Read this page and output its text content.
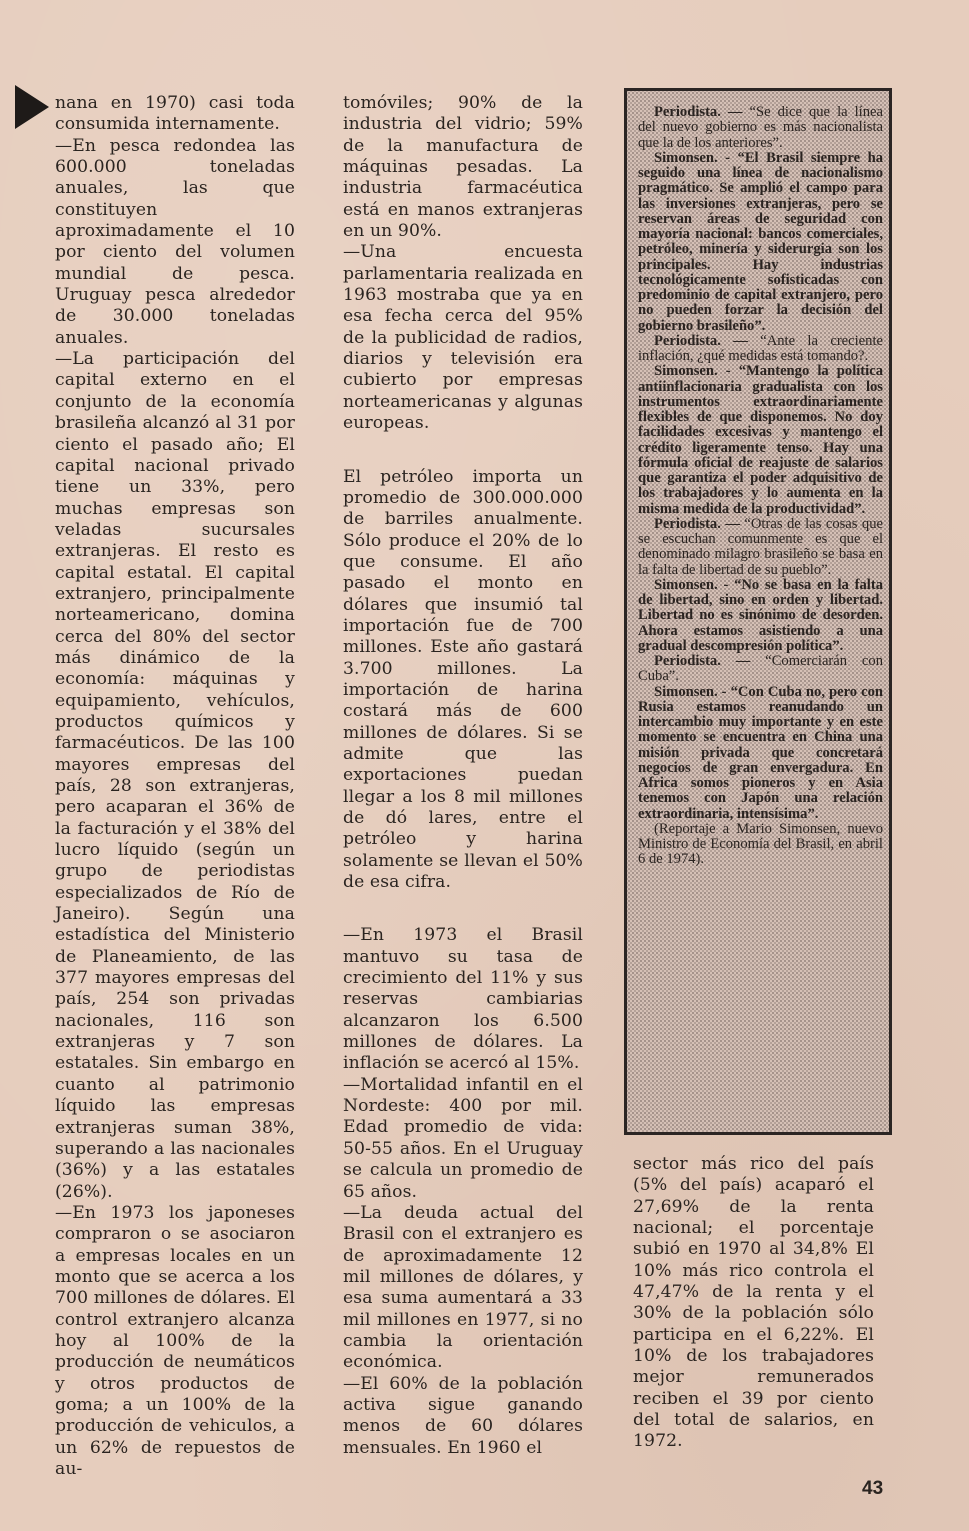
nana en 1970) casi toda consumida internamente.

—En pesca redondea las 600.000 toneladas anuales, las que constituyen aproximadamente el 10 por ciento del volumen mundial de pesca. Uruguay pesca alrededor de 30.000 toneladas anuales.

—La participación del capital externo en el conjunto de la economía brasileña alcanzó al 31 por ciento el pasado año; El capital nacional privado tiene un 33%, pero muchas empresas son veladas sucursales extranjeras. El resto es capital estatal. El capital extranjero, principalmente norteamericano, domina cerca del 80% del sector más dinámico de la economía: máquinas y equipamiento, vehículos, productos químicos y farmacéuticos. De las 100 mayores empresas del país, 28 son extranjeras, pero acaparan el 36% de la facturación y el 38% del lucro líquido (según un grupo de periodistas especializados de Río de Janeiro). Según una estadística del Ministerio de Planeamiento, de las 377 mayores empresas del país, 254 son privadas nacionales, 116 son extranjeras y 7 son estatales. Sin embargo en cuanto al patrimonio líquido las empresas extranjeras suman 38%, superando a las nacionales (36%) y a las estatales (26%).

—En 1973 los japoneses compraron o se asociaron a empresas locales en un monto que se acerca a los 700 millones de dólares. El control extranjero alcanza hoy al 100% de la producción de neumáticos y otros productos de goma; a un 100% de la producción de vehiculos, a un 62% de repuestos de au-

tomóviles; 90% de la industria del vidrio; 59% de la manufactura de máquinas pesadas. La industria farmacéutica está en manos extranjeras en un 90%.

—Una encuesta parlamentaria realizada en 1963 mostraba que ya en esa fecha cerca del 95% de la publicidad de radios, diarios y televisión era cubierto por empresas norteamericanas y algunas europeas.

El petróleo importa un promedio de 300.000.000 de barriles anualmente. Sólo produce el 20% de lo que consume. El año pasado el monto en dólares que insumió tal importación fue de 700 millones. Este año gastará 3.700 millones. La importación de harina costará más de 600 millones de dólares. Si se admite que las exportaciones puedan llegar a los 8 mil millones de dó lares, entre el petróleo y harina solamente se llevan el 50% de esa cifra.

—En 1973 el Brasil mantuvo su tasa de crecimiento del 11% y sus reservas cambiarias alcanzaron los 6.500 millones de dólares. La inflación se acercó al 15%.

—Mortalidad infantil en el Nordeste: 400 por mil. Edad promedio de vida: 50-55 años. En el Uruguay se calcula un promedio de 65 años.

—La deuda actual del Brasil con el extranjero es de aproximadamente 12 mil millones de dólares, y esa suma aumentará a 33 mil millones en 1977, si no cambia la orientación económica.

—El 60% de la población activa sigue ganando menos de 60 dólares mensuales. En 1960 el

Periodista. — “Se dice que la línea del nuevo gobierno es más nacionalista que la de los anteriores”.

Simonsen. - “El Brasil siempre ha seguido una línea de nacionalismo pragmático. Se amplió el campo para las inversiones extranjeras, pero se reservan áreas de seguridad con mayoría nacional: bancos comerciales, petróleo, minería y siderurgia son los principales. Hay industrias tecnológicamente sofisticadas con predominio de capital extranjero, pero no pueden forzar la decisión del gobierno brasileño”.

Periodista. — “Ante la creciente inflación, ¿qué medidas está tomando?.

Simonsen. - “Mantengo la política antiinflacionaria gradualista con los instrumentos extraordinariamente flexibles de que disponemos. No doy facilidades excesivas y mantengo el crédito ligeramente tenso. Hay una fórmula oficial de reajuste de salarios que garantiza el poder adquisitivo de los trabajadores y lo aumenta en la misma medida de la productividad”.

Periodista. — “Otras de las cosas que se escuchan comunmente es que el denominado milagro brasileño se basa en la falta de libertad de su pueblo”.

Simonsen. - “No se basa en la falta de libertad, sino en orden y libertad. Libertad no es sinónimo de desorden. Ahora estamos asistiendo a una gradual descompresión política”.

Periodista. — “Comerciarán con Cuba”.

Simonsen. - “Con Cuba no, pero con Rusia estamos reanudando un intercambio muy importante y en este momento se encuentra en China una misión privada que concretará negocios de gran envergadura. En Africa somos pioneros y en Asia tenemos con Japón una relación extraordinaria, intensísima”.

(Reportaje a Mario Simonsen, nuevo Ministro de Economía del Brasil, en abril 6 de 1974).

sector más rico del país (5% del país) acaparó el 27,69% de la renta nacional; el porcentaje subió en 1970 al 34,8% El 10% más rico controla el 47,47% de la renta y el 30% de la población sólo participa en el 6,22%. El 10% de los trabajadores mejor remunerados reciben el 39 por ciento del total de salarios, en 1972.

43
